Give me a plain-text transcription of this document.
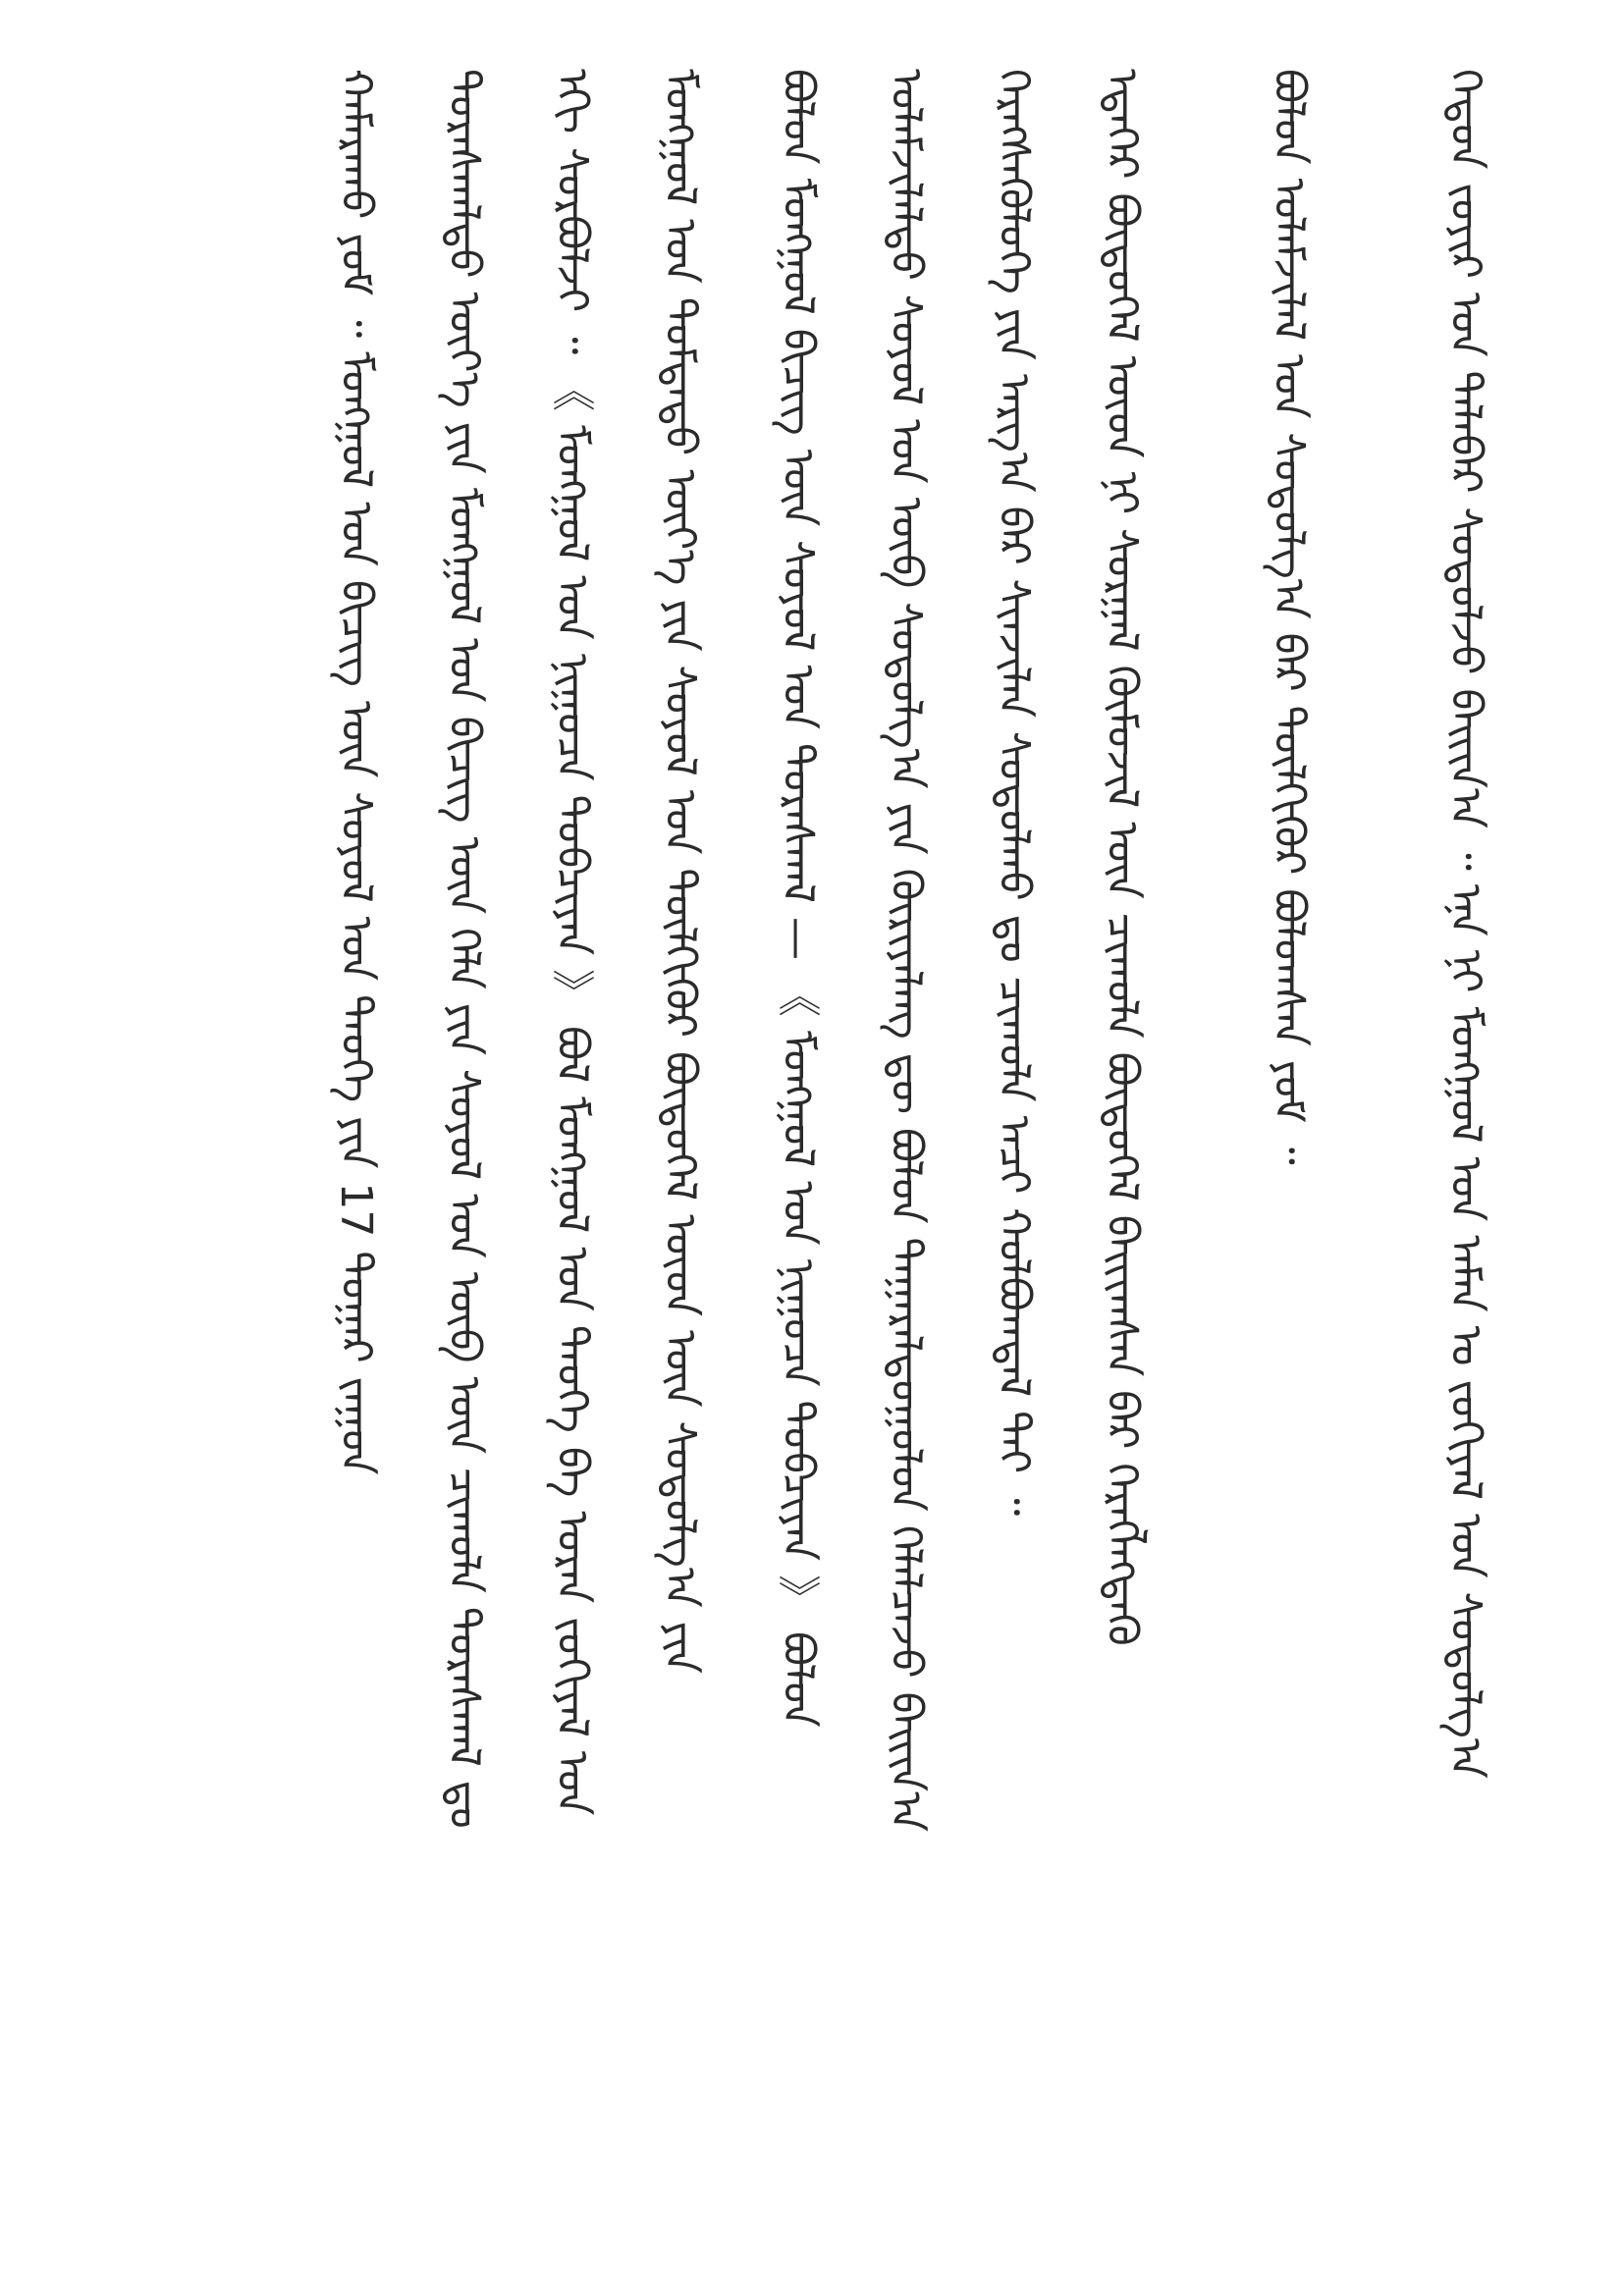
ᠬᠡᠳᠦᠨ ᠵᠤᠶᠢᠷ ᠤᠨ ᠲᠠᠯᠠᠪᠠᠷ ᠰᠤᠳᠤᠯᠵᠤ ᠪᠠᠢᠢᠨ᠎ᠠ ᠃ ᠡᠨᠡ ᠨᠢ ᠮᠤᠩᠭᠤᠯ ᠤᠨ ᠠᠮᠠᠨ ᠤ ᠵᠣᠬᠢᠶᠠᠯ ᠤᠨ ᠰᠣᠳᠤᠯᠭ᠎ᠠ
ᠪᠣᠯᠣᠨ ᠤᠯᠠᠮᠵᠢᠯᠠᠯ ᠤᠨ ᠰᠤᠳᠤᠯᠭ᠎ᠠ ᠪᠠᠷ ᠲᠦᠯᠬᠢᠭᠦᠷ ᠪᠣᠯᠤᠭᠰᠠᠨ ᠶᠤᠮ ᠃
ᠡᠳᠡᠭᠡᠷ ᠪᠦᠲᠦᠭᠡᠯ ᠦᠳ ᠨᠢ ᠰᠤᠷᠭᠠᠯ ᠬᠦᠮᠦᠵᠢᠯ ᠦᠨ ᠴᠢᠬᠤᠯᠠ ᠪᠦᠲᠦᠭᠡᠯ ᠪᠠᠢᠢᠭᠰᠠᠨ ᠪᠠᠷ ᠬᠡᠷᠡᠭᠯᠡᠭᠳᠡᠬᠦ
ᠬᠡᠷᠡᠭᠰᠡᠭᠦᠯᠦᠭᠡ ᠶᠢᠨ ᠠᠷᠭ᠎ᠠ ᠪᠠᠷ ᠰᠢᠨᠵᠢᠯᠡᠨ ᠰᠤᠳᠤᠯᠬᠤ ᠳᠤ ᠴᠢᠬᠤᠯᠠ ᠠᠴᠢ ᠬᠣᠯᠪᠣᠭᠳᠠᠯ ᠲᠠᠢ ᠃
ᠤᠯᠠᠮᠵᠢᠯᠠᠯᠲᠤ ᠰᠣᠶᠣᠯ ᠤᠨ ᠦᠪ ᠰᠤᠳᠤᠯᠭ᠎ᠠ ᠶᠢᠨ ᠬᠦᠷᠢᠶᠡᠯᠡᠩ ᠳᠦ ᠪᠤᠯᠣᠨ ᠲᠠᠭᠠᠷᠠᠯᠳᠤᠭᠤᠯᠤᠨ ᠬᠡᠯᠡᠯᠴᠡᠵᠦ ᠪᠠᠢᠢᠨ᠎ᠠ
ᠪᠣᠯᠤᠨ ᠮᠣᠩᠭᠣᠯ ᠪᠢᠴᠢᠭ ᠦᠨ ᠰᠣᠶᠣᠯ ᠤᠨ ᠳᠤᠷᠠᠰᠬᠠᠯ — 《 ᠮᠣᠩᠭᠣᠯ ᠤᠨ ᠨᠢᠭᠤᠴᠠ ᠲᠣᠪᠴᠢᠶᠠᠨ 》 ᠪᠣᠯᠤᠨ
ᠮᠣᠩᠭᠣᠯ ᠤᠨ ᠳᠤᠮᠳᠠᠳᠤ ᠦᠶ᠎ᠡ ᠶᠢᠨ ᠰᠣᠶᠣᠯ ᠤᠨ ᠲᠦᠯᠬᠢᠭᠦᠷ ᠪᠦᠲᠦᠭᠡᠯ ᠦᠳ ᠦᠨ ᠰᠤᠳᠤᠯᠭ᠎ᠠ ᠶᠢᠨ
ᠡᠬᠢ ᠰᠤᠷᠪᠤᠯᠵᠢ ᠃ 《 ᠮᠣᠩᠭᠣᠯ ᠤᠨ ᠨᠢᠭᠤᠴᠠ ᠲᠣᠪᠴᠢᠶᠠᠨ 》 ᠪᠣᠯ ᠮᠣᠩᠭᠣᠯ ᠤᠨ ᠲᠡᠦᠬᠡ ᠪᠠ ᠤᠷᠠᠨ ᠵᠣᠬᠢᠶᠠᠯ ᠤᠨ
ᠳᠤᠷᠠᠰᠬᠠᠯᠲᠤ ᠦᠶ᠎ᠡ ᠶᠢᠨ ᠮᠣᠩᠭᠣᠯ ᠤᠨ ᠪᠢᠴᠢᠭ ᠦᠨ ᠬᠡᠯᠡ ᠶᠢᠨ ᠰᠣᠶᠣᠯ ᠤᠨ ᠦᠪ ᠦᠨ ᠴᠢᠬᠤᠯᠠ ᠳᠤᠷᠠᠰᠬᠠᠯ ᠳᠤ
ᠬᠠᠮᠠᠷᠠᠬᠤ ᠶᠤᠮ ᠃ ᠮᠣᠩᠭᠣᠯ ᠤᠨ ᠪᠢᠴᠢᠭ ᠦᠨ ᠰᠣᠶᠣᠯ ᠤᠨ ᠲᠡᠦᠬᠡ ᠶᠢᠨ 17 ᠳᠤᠭᠠᠷ ᠵᠠᠭᠤᠨ
